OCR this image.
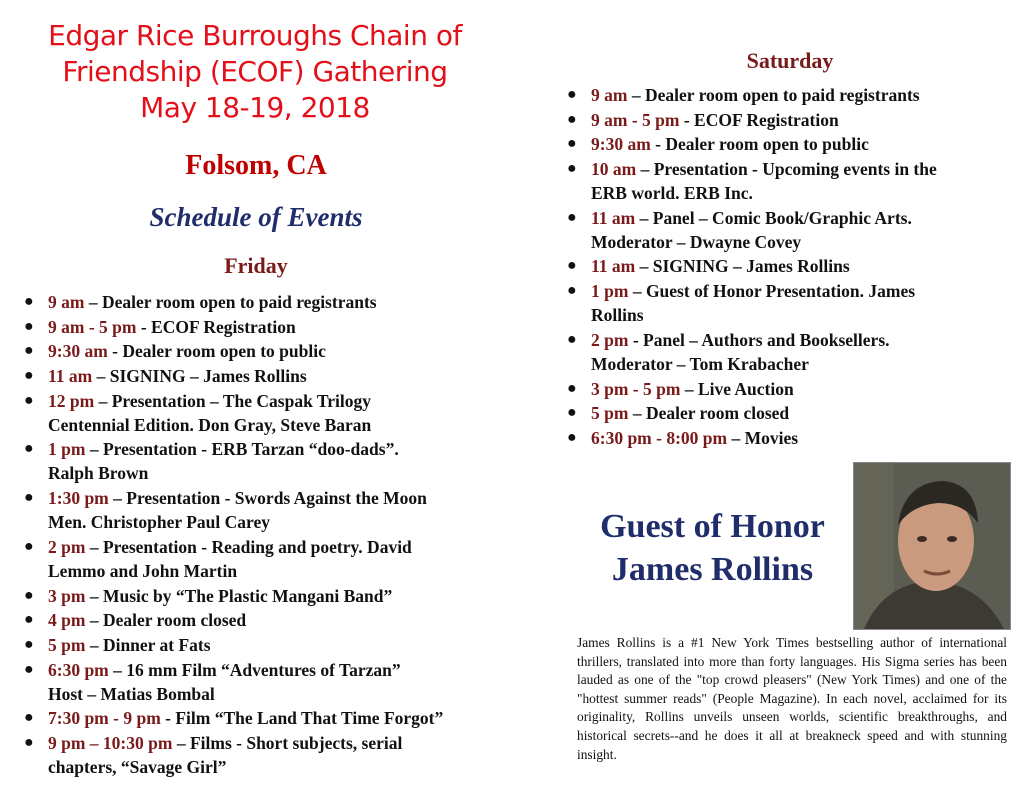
Edgar Rice Burroughs Chain of
Friendship (ECOF) Gathering
May 18-19, 2018
Folsom, CA
Schedule of Events
Friday
● 9 am – Dealer room open to paid registrants
● 9 am - 5 pm - ECOF Registration
● 9:30 am - Dealer room open to public
● 11 am – SIGNING – James Rollins
● 12 pm – Presentation – The Caspak Trilogy
Centennial Edition. Don Gray, Steve Baran
● 1 pm – Presentation - ERB Tarzan “doo-dads”.
Ralph Brown
● 1:30 pm – Presentation - Swords Against the Moon
Men. Christopher Paul Carey
● 2 pm – Presentation - Reading and poetry. David
Lemmo and John Martin
● 3 pm – Music by “The Plastic Mangani Band”
● 4 pm – Dealer room closed
● 5 pm – Dinner at Fats
● 6:30 pm – 16 mm Film “Adventures of Tarzan”
Host – Matias Bombal
● 7:30 pm - 9 pm - Film “The Land That Time Forgot”
● 9 pm – 10:30 pm – Films - Short subjects, serial
chapters, “Savage Girl”
Saturday
● 9 am – Dealer room open to paid registrants
● 9 am - 5 pm - ECOF Registration
● 9:30 am - Dealer room open to public
● 10 am – Presentation - Upcoming events in the
ERB world. ERB Inc.
● 11 am – Panel – Comic Book/Graphic Arts.
Moderator – Dwayne Covey
● 11 am – SIGNING – James Rollins
● 1 pm – Guest of Honor Presentation. James
Rollins
● 2 pm - Panel – Authors and Booksellers.
Moderator – Tom Krabacher
● 3 pm - 5 pm – Live Auction
● 5 pm – Dealer room closed
● 6:30 pm - 8:00 pm – Movies
Guest of Honor
James Rollins
James Rollins is a #1 New York Times bestselling author of international thrillers, translated into more than forty languages. His Sigma series has been lauded as one of the "top crowd pleasers" (New York Times) and one of the "hottest summer reads" (People Magazine). In each novel, acclaimed for its originality, Rollins unveils unseen worlds, scientific breakthroughs, and historical secrets--and he does it all at breakneck speed and with stunning insight.
